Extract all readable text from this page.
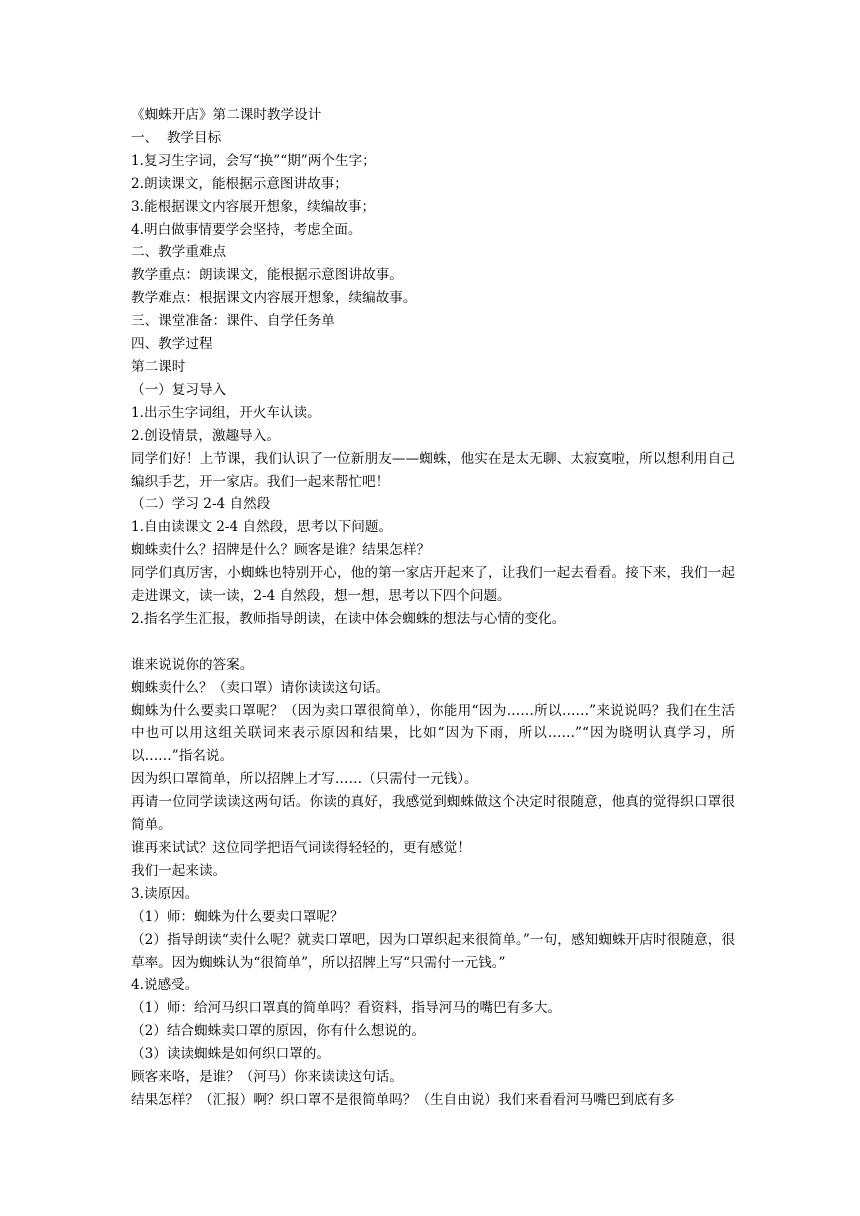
《蜘蛛开店》第二课时教学设计

一、  教学目标

1.复习生字词，会写“换”“期”两个生字；

2.朗读课文，能根据示意图讲故事；

3.能根据课文内容展开想象，续编故事；

4.明白做事情要学会坚持，考虑全面。

二、教学重难点

教学重点：朗读课文，能根据示意图讲故事。

教学难点：根据课文内容展开想象，续编故事。

三、课堂准备：课件、自学任务单

四、教学过程

第二课时

（一）复习导入

1.出示生字词组，开火车认读。

2.创设情景，激趣导入。

同学们好！上节课，我们认识了一位新朋友——蜘蛛，他实在是太无聊、太寂寞啦，所以想利用自己编织手艺，开一家店。我们一起来帮忙吧！

（二）学习 2-4 自然段

1.自由读课文 2-4 自然段，思考以下问题。

蜘蛛卖什么？招牌是什么？顾客是谁？结果怎样？

同学们真厉害，小蜘蛛也特别开心，他的第一家店开起来了，让我们一起去看看。接下来，我们一起走进课文，读一读，2-4 自然段，想一想，思考以下四个问题。

2.指名学生汇报，教师指导朗读，在读中体会蜘蛛的想法与心情的变化。

谁来说说你的答案。

蜘蛛卖什么？（卖口罩）请你读读这句话。

蜘蛛为什么要卖口罩呢？（因为卖口罩很简单），你能用“因为……所以……”来说说吗？我们在生活中也可以用这组关联词来表示原因和结果，比如“因为下雨，所以……”“因为晓明认真学习，所以……”指名说。

因为织口罩简单，所以招牌上才写……（只需付一元钱）。

再请一位同学读读这两句话。你读的真好，我感觉到蜘蛛做这个决定时很随意，他真的觉得织口罩很简单。

谁再来试试？这位同学把语气词读得轻轻的，更有感觉！

我们一起来读。

3.读原因。

（1）师：蜘蛛为什么要卖口罩呢？

（2）指导朗读“卖什么呢？就卖口罩吧，因为口罩织起来很简单。”一句，感知蜘蛛开店时很随意，很草率。因为蜘蛛认为“很简单”，所以招牌上写“只需付一元钱。”

4.说感受。

（1）师：给河马织口罩真的简单吗？看资料，指导河马的嘴巴有多大。

（2）结合蜘蛛卖口罩的原因，你有什么想说的。

（3）读读蜘蛛是如何织口罩的。

顾客来咯，是谁？（河马）你来读读这句话。

结果怎样？（汇报）啊？织口罩不是很简单吗？（生自由说）我们来看看河马嘴巴到底有多
